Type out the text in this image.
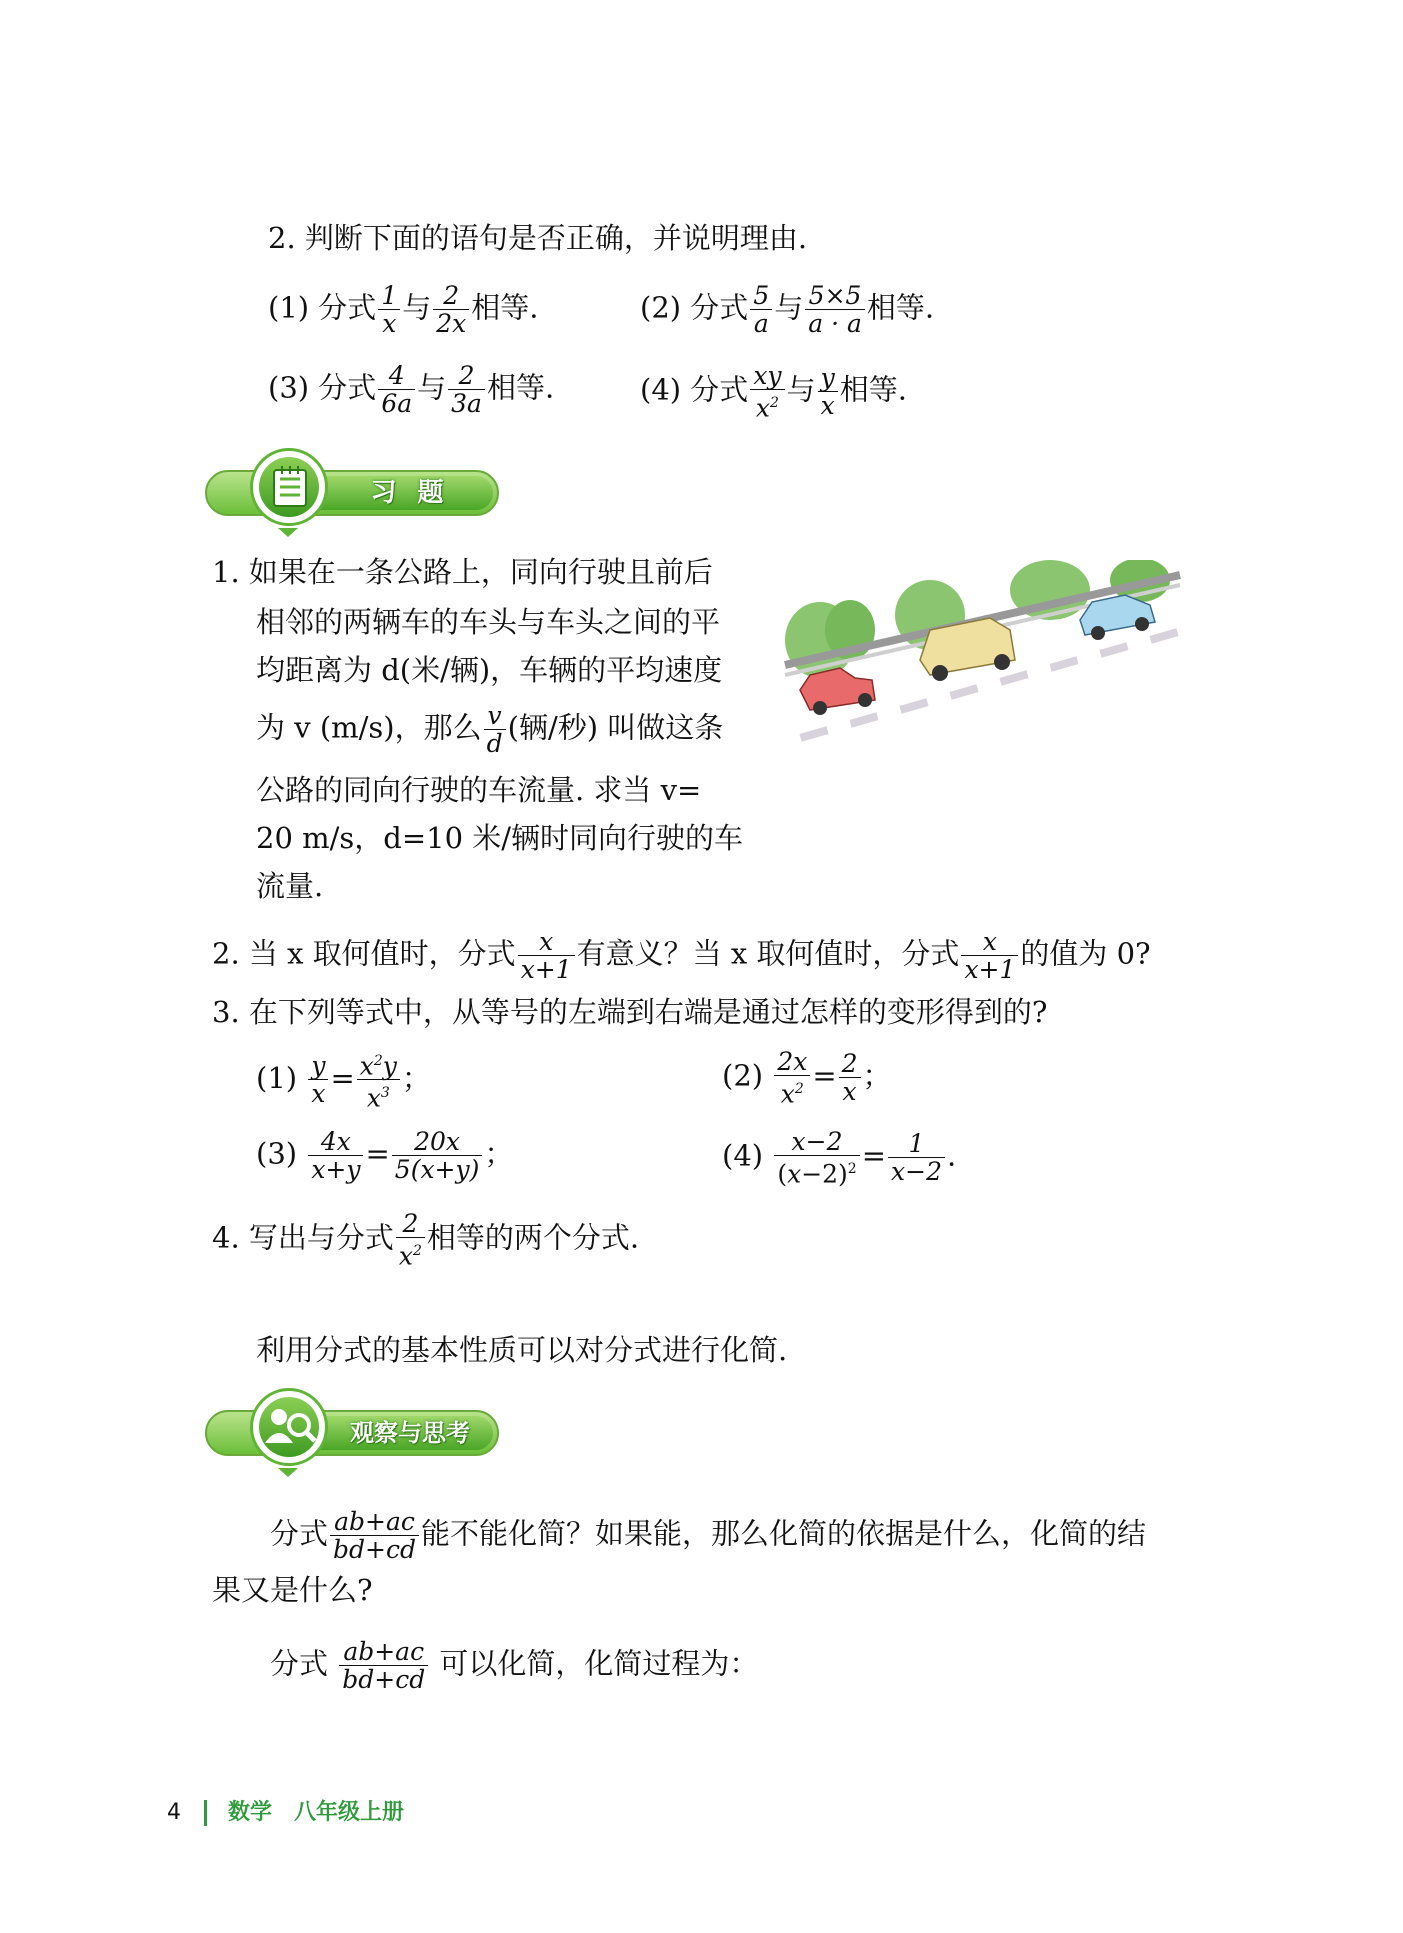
2. 判断下面的语句是否正确，并说明理由.
(1) 分式 $\frac{1}{x}$ 与 $\frac{2}{2x}$ 相等.	(2) 分式 $\frac{5}{a}$ 与 $\frac{5\times 5}{a \cdot a}$ 相等.
(3) 分式 $\frac{4}{6a}$ 与 $\frac{2}{3a}$ 相等.	(4) 分式 $\frac{xy}{x^2}$ 与 $\frac{y}{x}$ 相等.
习 题
1. 如果在一条公路上，同向行驶且前后
相邻的两辆车的车头与车头之间的平
均距离为 d(米/辆)，车辆的平均速度
为 v (m/s)，那么 $\frac{v}{d}$ (辆/秒) 叫做这条
公路的同向行驶的车流量. 求当 v=
20 m/s，d=10 米/辆时同向行驶的车
流量.
2. 当 x 取何值时，分式 $\frac{x}{x+1}$ 有意义？当 x 取何值时，分式 $\frac{x}{x+1}$ 的值为 0?
3. 在下列等式中，从等号的左端到右端是通过怎样的变形得到的?
$(1) \frac{y}{x} = \frac{x^2y}{x^3}$ ；	$(2) \frac{2x}{x^2} = \frac{2}{x}$ ；
$(3) \frac{4x}{x+y} = \frac{20x}{5(x+y)}$ ；	$(4) \frac{x-2}{(x-2)^2} = \frac{1}{x-2}$ .
4. 写出与分式 $\frac{2}{x^2}$ 相等的两个分式.
利用分式的基本性质可以对分式进行化简.
观察与思考
分式 $\frac{ab+ac}{bd+cd}$ 能不能化简？如果能，那么化简的依据是什么，化简的结
果又是什么?
分式 $\frac{ab+ac}{bd+cd}$ 可以化简，化简过程为：
4 数学　八年级上册
